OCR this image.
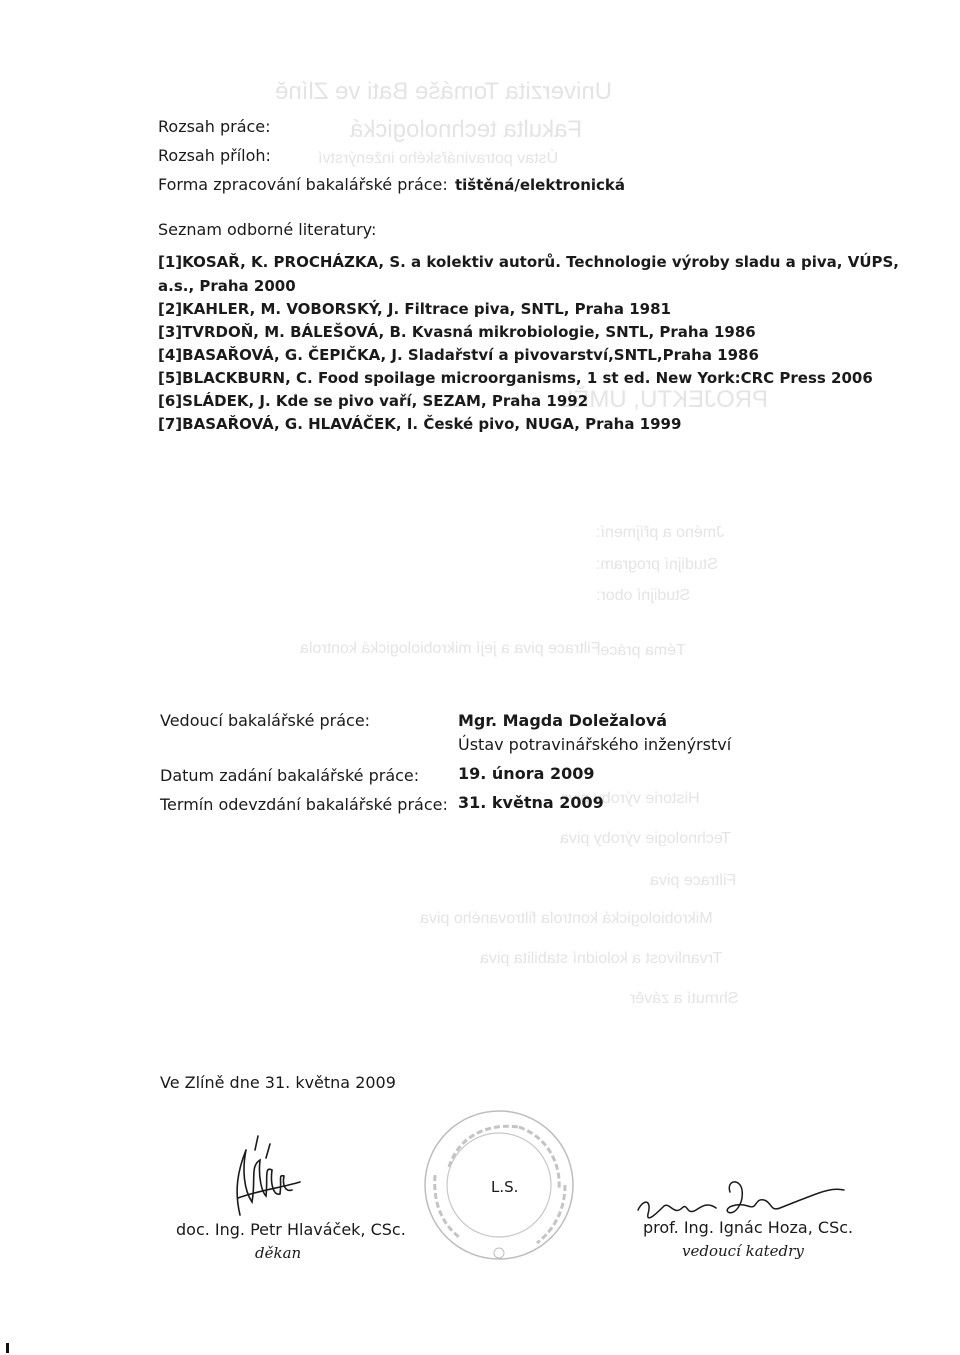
Univerzita Tomáše Bati ve Zlíně
Fakulta technologická
Ústav potravinářského inženýrství
PROJEKTU, UMĚL
Jméno a příjmení:
Studijní program:
Studijní obor:
Téma práce:
Filtrace piva a její mikrobiologická kontrola
Historie výroby piva
Technologie výroby piva
Filtrace piva
Mikrobiologická kontrola filtrovaného piva
Trvanlivost a koloidní stabilita piva
Shrnutí a závěr
Rozsah práce:
Rozsah příloh:
Forma zpracování bakalářské práce: tištěná/elektronická
Seznam odborné literatury:
[1]KOSAŘ, K. PROCHÁZKA, S. a kolektiv autorů. Technologie výroby sladu a piva, VÚPS,
a.s., Praha 2000
[2]KAHLER, M. VOBORSKÝ, J. Filtrace piva, SNTL, Praha 1981
[3]TVRDOŇ, M. BÁLEŠOVÁ, B. Kvasná mikrobiologie, SNTL, Praha 1986
[4]BASAŘOVÁ, G. ČEPIČKA, J. Sladařství a pivovarství,SNTL,Praha 1986
[5]BLACKBURN, C. Food spoilage microorganisms, 1 st ed. New York:CRC Press 2006
[6]SLÁDEK, J. Kde se pivo vaří, SEZAM, Praha 1992
[7]BASAŘOVÁ, G. HLAVÁČEK, I. České pivo, NUGA, Praha 1999
Vedoucí bakalářské práce:	Mgr. Magda Doležalová
Ústav potravinářského inženýrství
Datum zadání bakalářské práce: 19. února 2009
Termín odevzdání bakalářské práce: 31. května 2009
Ve Zlíně dne 31. května 2009
L.S.
doc. Ing. Petr Hlaváček, CSc.
děkan
prof. Ing. Ignác Hoza, CSc.
vedoucí katedry
